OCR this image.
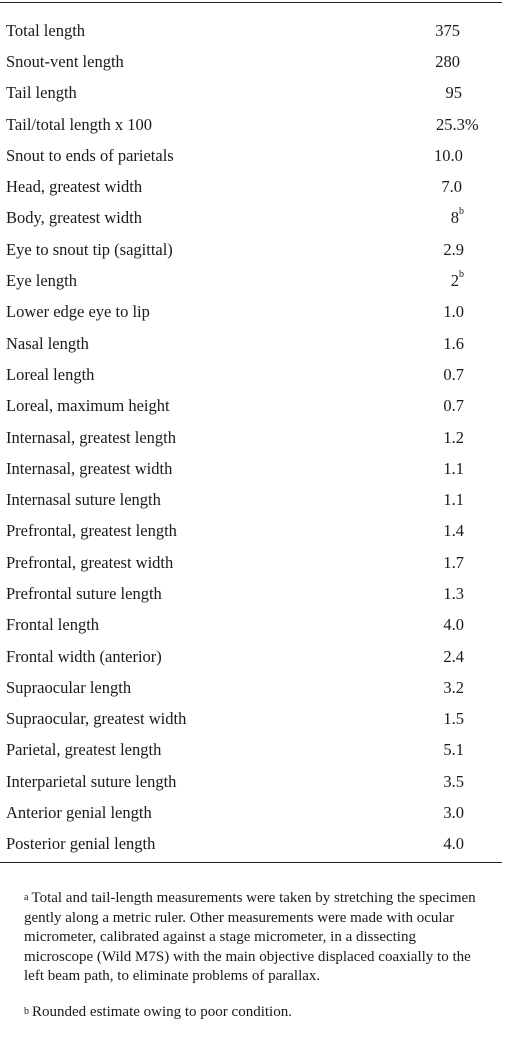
Total length	375
Snout-vent length	280
Tail length	95
Tail/total length x 100	25.3%
Snout to ends of parietals	10.0
Head, greatest width	7.0
Body, greatest width	8$^b$
Eye to snout tip (sagittal)	2.9
Eye length	2$^b$
Lower edge eye to lip	1.0
Nasal length	1.6
Loreal length	0.7
Loreal, maximum height	0.7
Internasal, greatest length	1.2
Internasal, greatest width	1.1
Internasal suture length	1.1
Prefrontal, greatest length	1.4
Prefrontal, greatest width	1.7
Prefrontal suture length	1.3
Frontal length	4.0
Frontal width (anterior)	2.4
Supraocular length	3.2
Supraocular, greatest width	1.5
Parietal, greatest length	5.1
Interparietal suture length	3.5
Anterior genial length	3.0
Posterior genial length	4.0

$^a$ Total and tail-length measurements were taken by stretching the specimen gently along a metric ruler. Other measurements were made with ocular micrometer, calibrated against a stage micrometer, in a dissecting microscope (Wild M7S) with the main objective displaced coaxially to the left beam path, to eliminate problems of parallax.

$^b$ Rounded estimate owing to poor condition.
